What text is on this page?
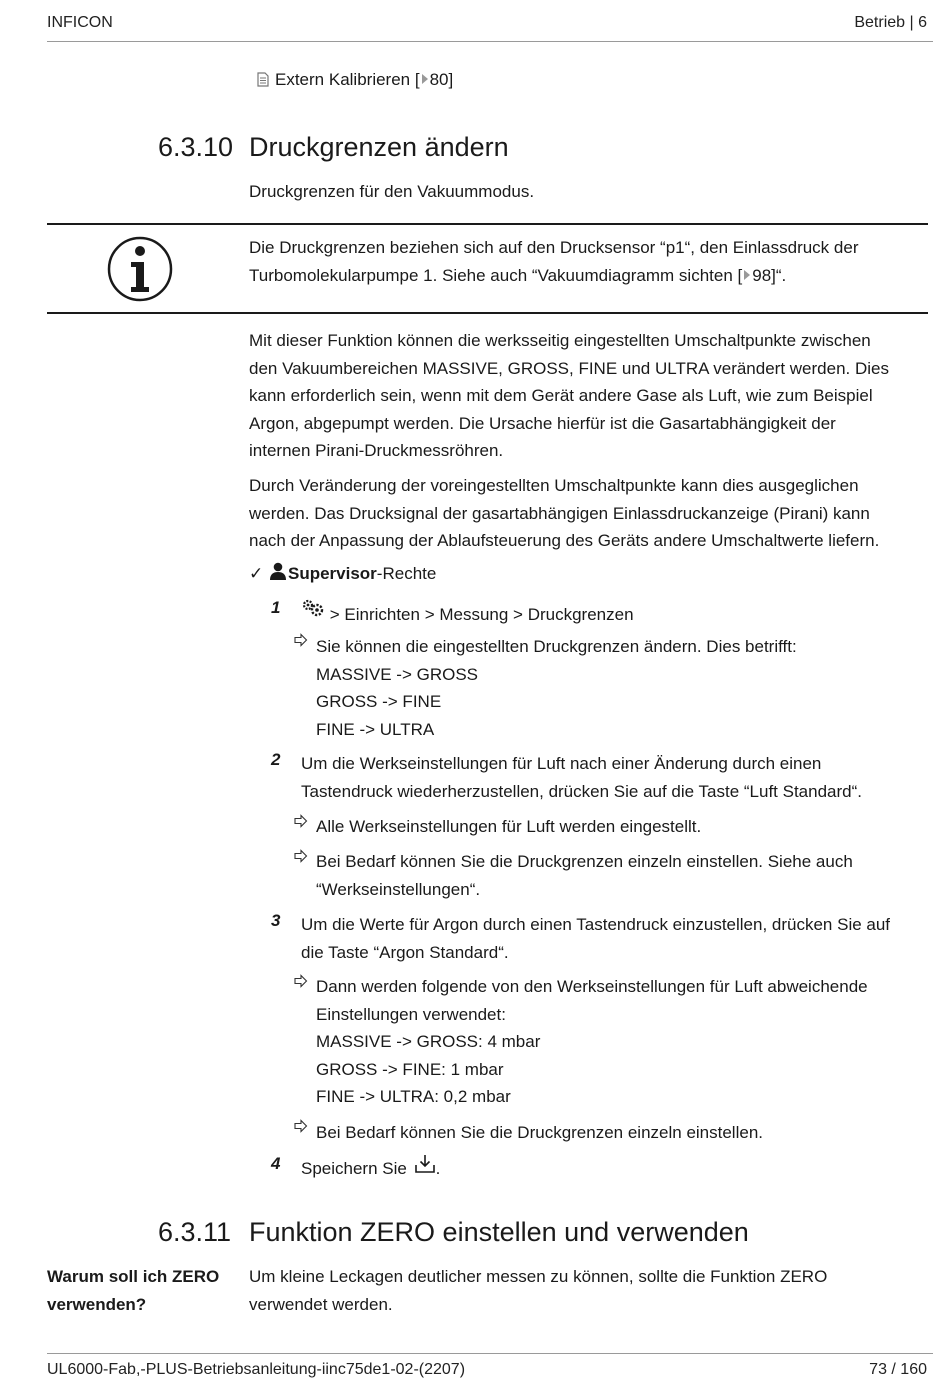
INFICON	Betrieb | 6
Extern Kalibrieren [ 80]
6.3.10 Druckgrenzen ändern
Druckgrenzen für den Vakuummodus.
Die Druckgrenzen beziehen sich auf den Drucksensor “p1“, den Einlassdruck der
Turbomolekularpumpe 1. Siehe auch “Vakuumdiagramm sichten [ 98]“.
Mit dieser Funktion können die werksseitig eingestellten Umschaltpunkte zwischen
den Vakuumbereichen MASSIVE, GROSS, FINE und ULTRA verändert werden. Dies
kann erforderlich sein, wenn mit dem Gerät andere Gase als Luft, wie zum Beispiel
Argon, abgepumpt werden. Die Ursache hierfür ist die Gasartabhängigkeit der
internen Pirani-Druckmessröhren.
Durch Veränderung der voreingestellten Umschaltpunkte kann dies ausgeglichen
werden. Das Drucksignal der gasartabhängigen Einlassdruckanzeige (Pirani) kann
nach der Anpassung der Ablaufsteuerung des Geräts andere Umschaltwerte liefern.
✓ Supervisor-Rechte
1	> Einrichten > Messung > Druckgrenzen
Sie können die eingestellten Druckgrenzen ändern. Dies betrifft:
MASSIVE -> GROSS
GROSS -> FINE
FINE -> ULTRA
2 Um die Werkseinstellungen für Luft nach einer Änderung durch einen
Tastendruck wiederherzustellen, drücken Sie auf die Taste “Luft Standard“.
Alle Werkseinstellungen für Luft werden eingestellt.
Bei Bedarf können Sie die Druckgrenzen einzeln einstellen. Siehe auch
“Werkseinstellungen“.
3 Um die Werte für Argon durch einen Tastendruck einzustellen, drücken Sie auf
die Taste “Argon Standard“.
Dann werden folgende von den Werkseinstellungen für Luft abweichende
Einstellungen verwendet:
MASSIVE -> GROSS: 4 mbar
GROSS -> FINE: 1 mbar
FINE -> ULTRA: 0,2 mbar
Bei Bedarf können Sie die Druckgrenzen einzeln einstellen.
4 Speichern Sie .
6.3.11 Funktion ZERO einstellen und verwenden
Warum soll ich ZERO
verwenden?
Um kleine Leckagen deutlicher messen zu können, sollte die Funktion ZERO
verwendet werden.
UL6000-Fab,-PLUS-Betriebsanleitung-iinc75de1-02-(2207)	73 / 160
